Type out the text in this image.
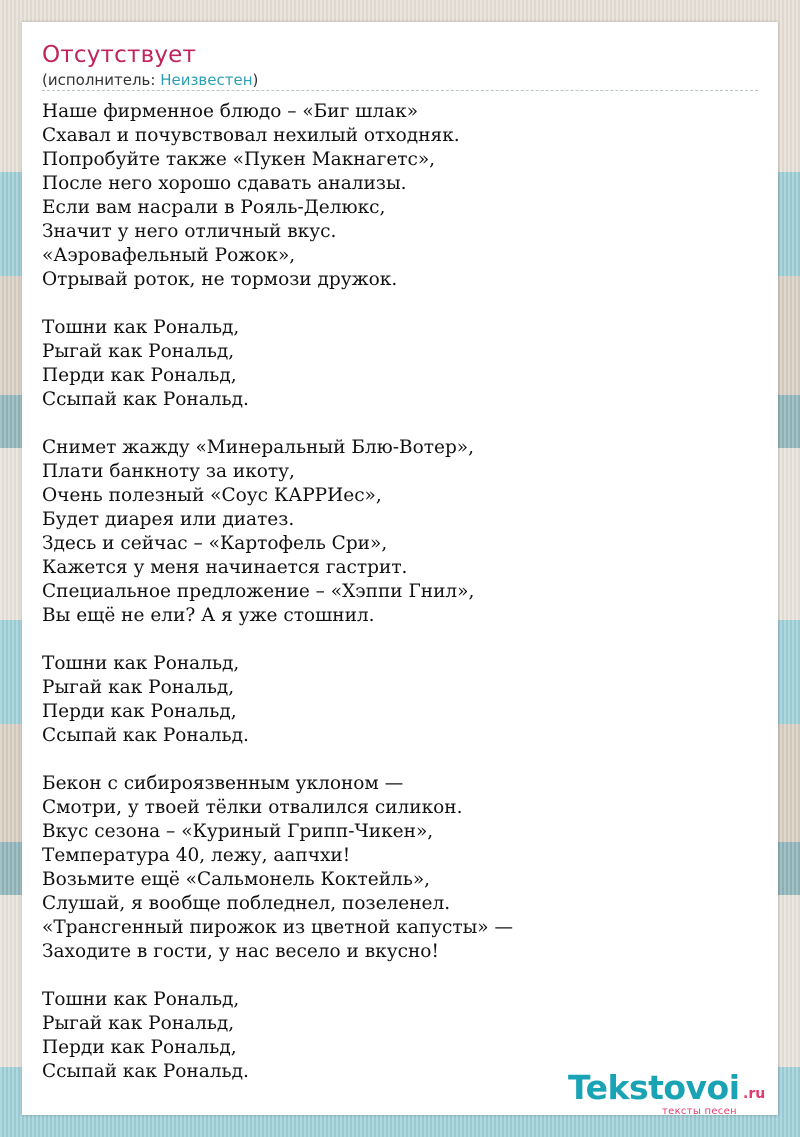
Отсутствует
(исполнитель: Неизвестен)
Наше фирменное блюдо – «Биг шлак»
Схавал и почувствовал нехилый отходняк.
Попробуйте также «Пукен Макнагетс»,
После него хорошо сдавать анализы.
Если вам насрали в Рояль-Делюкс,
Значит у него отличный вкус.
«Аэровафельный Рожок»,
Отрывай роток, не тормози дружок.
Тошни как Рональд,
Рыгай как Рональд,
Перди как Рональд,
Ссыпай как Рональд.
Снимет жажду «Минеральный Блю-Вотер»,
Плати банкноту за икоту,
Очень полезный «Соус КАРРИес»,
Будет диарея или диатез.
Здесь и сейчас – «Картофель Сри»,
Кажется у меня начинается гастрит.
Специальное предложение – «Хэппи Гнил»,
Вы ещё не ели? А я уже стошнил.
Тошни как Рональд,
Рыгай как Рональд,
Перди как Рональд,
Ссыпай как Рональд.
Бекон с сибироязвенным уклоном —
Смотри, у твоей тёлки отвалился силикон.
Вкус сезона – «Куриный Грипп-Чикен»,
Температура 40, лежу, аапчхи!
Возьмите ещё «Сальмонель Коктейль»,
Слушай, я вообще побледнел, позеленел.
«Трансгенный пирожок из цветной капусты» —
Заходите в гости, у нас весело и вкусно!
Тошни как Рональд,
Рыгай как Рональд,
Перди как Рональд,
Ссыпай как Рональд.	Tekstovoi .ru
тексты песен
